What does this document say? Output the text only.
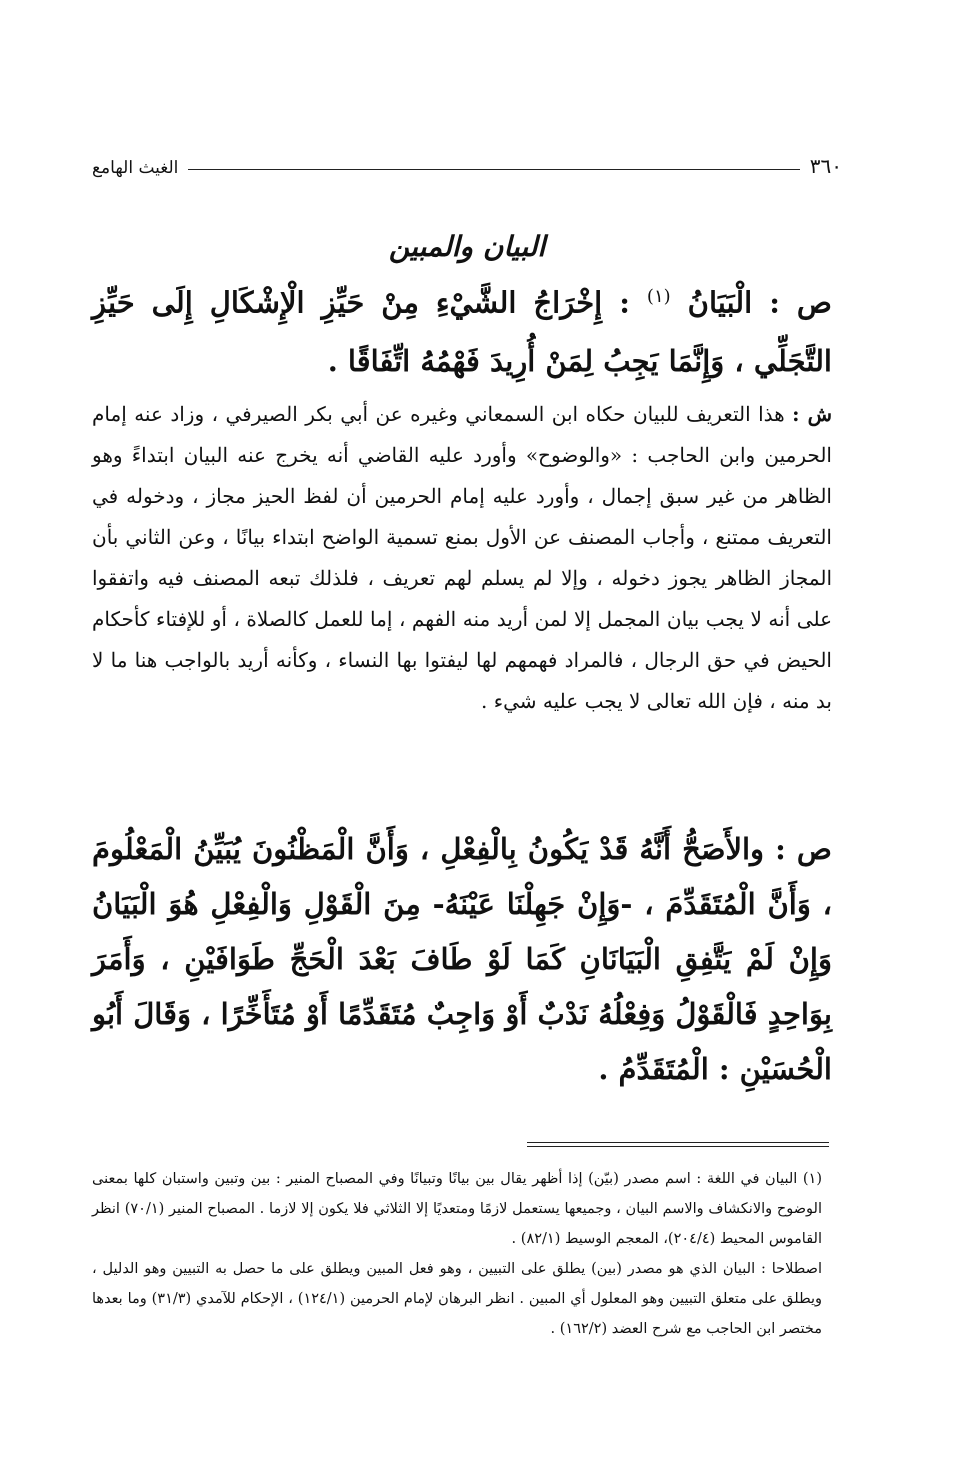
٣٦٠
الغيث الهامع
البيان والمبين
ص : الْبَيَانُ $^{(١)}$ : إِخْرَاجُ الشَّيْءِ مِنْ حَيِّزِ الْإِشْكَالِ إِلَى حَيِّزِ التَّجَلِّي ، وَإِنَّمَا يَجِبُ لِمَنْ أُرِيدَ فَهْمُهُ اتِّفَاقًا .
ش : هذا التعريف للبيان حكاه ابن السمعاني وغيره عن أبي بكر الصيرفي ، وزاد عنه إمام الحرمين وابن الحاجب : «والوضوح» وأورد عليه القاضي أنه يخرج عنه البيان ابتداءً وهو الظاهر من غير سبق إجمال ، وأورد عليه إمام الحرمين أن لفظ الحيز مجاز ، ودخوله في التعريف ممتنع ، وأجاب المصنف عن الأول بمنع تسمية الواضح ابتداء بيانًا ، وعن الثاني بأن المجاز الظاهر يجوز دخوله ، وإلا لم يسلم لهم تعريف ، فلذلك تبعه المصنف فيه واتفقوا على أنه لا يجب بيان المجمل إلا لمن أريد منه الفهم ، إما للعمل كالصلاة ، أو للإفتاء كأحكام الحيض في حق الرجال ، فالمراد فهمهم لها ليفتوا بها النساء ، وكأنه أريد بالواجب هنا ما لا بد منه ، فإن الله تعالى لا يجب عليه شيء .
ص : والأَصَحُّ أَنَّهُ قَدْ يَكُونُ بِالْفِعْلِ ، وَأَنَّ الْمَظْنُونَ يُبَيِّنُ الْمَعْلُومَ ، وَأَنَّ الْمُتَقَدِّمَ ، -وَإِنْ جَهِلْنَا عَيْنَهُ- مِنَ الْقَوْلِ وَالْفِعْلِ هُوَ الْبَيَانُ وَإِنْ لَمْ يَتَّفِقِ الْبَيَانَانِ كَمَا لَوْ طَافَ بَعْدَ الْحَجِّ طَوَافَيْنِ ، وَأَمَرَ بِوَاحِدٍ فَالْقَوْلُ وَفِعْلُهُ نَدْبٌ أَوْ وَاجِبٌ مُتَقَدِّمًا أَوْ مُتَأَخِّرًا ، وَقَالَ أَبُو الْحُسَيْنِ : الْمُتَقَدِّمُ .

(١) البيان في اللغة : اسم مصدر (بيّن) إذا أظهر يقال بين بيانًا وتبيانًا وفي المصباح المنير : بين وتبين واستبان كلها بمعنى الوضوح والانكشاف والاسم البيان ، وجميعها يستعمل لازمًا ومتعديًا إلا الثلاثي فلا يكون إلا لازما . المصباح المنير (٧٠/١) انظر القاموس المحيط (٢٠٤/٤)، المعجم الوسيط (٨٢/١) .

اصطلاحا : البيان الذي هو مصدر (بين) يطلق على التبيين ، وهو فعل المبين ويطلق على ما حصل به التبيين وهو الدليل ، ويطلق على متعلق التبيين وهو المعلول أي المبين . انظر البرهان لإمام الحرمين (١٢٤/١) ، الإحكام للآمدي (٣١/٣) وما بعدها مختصر ابن الحاجب مع شرح العضد (١٦٢/٢) .
